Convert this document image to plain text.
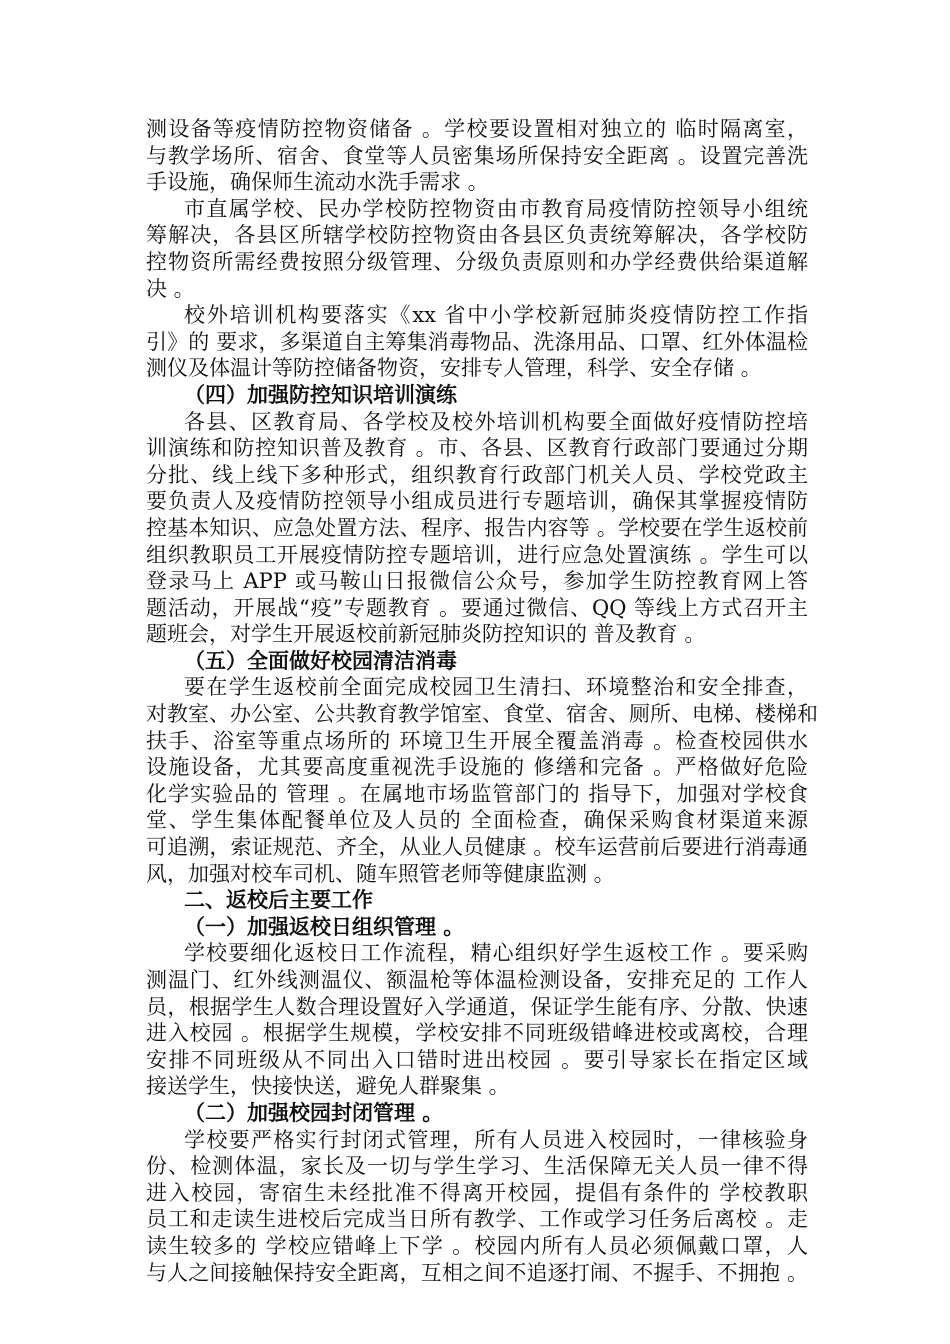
测设备等疫情防控物资储备 。学校要设置相对独立的 临时隔离室，
与教学场所、宿舍、食堂等人员密集场所保持安全距离 。设置完善洗
手设施，确保师生流动水洗手需求 。
市直属学校、民办学校防控物资由市教育局疫情防控领导小组统
筹解决，各县区所辖学校防控物资由各县区负责统筹解决，各学校防
控物资所需经费按照分级管理、分级负责原则和办学经费供给渠道解
决 。
校外培训机构要落实《xx 省中小学校新冠肺炎疫情防控工作指
引》的 要求，多渠道自主筹集消毒物品、洗涤用品、口罩、红外体温检
测仪及体温计等防控储备物资，安排专人管理，科学、安全存储 。
（四）加强防控知识培训演练
各县、区教育局、各学校及校外培训机构要全面做好疫情防控培
训演练和防控知识普及教育 。市、各县、区教育行政部门要通过分期
分批、线上线下多种形式，组织教育行政部门机关人员、学校党政主
要负责人及疫情防控领导小组成员进行专题培训，确保其掌握疫情防
控基本知识、应急处置方法、程序、报告内容等 。学校要在学生返校前
组织教职员工开展疫情防控专题培训，进行应急处置演练 。学生可以
登录马上 APP 或马鞍山日报微信公众号，参加学生防控教育网上答
题活动，开展战“疫”专题教育 。要通过微信、QQ 等线上方式召开主
题班会，对学生开展返校前新冠肺炎防控知识的 普及教育 。
（五）全面做好校园清洁消毒
要在学生返校前全面完成校园卫生清扫、环境整治和安全排查，
对教室、办公室、公共教育教学馆室、食堂、宿舍、厕所、电梯、楼梯和
扶手、浴室等重点场所的 环境卫生开展全覆盖消毒 。检查校园供水
设施设备，尤其要高度重视洗手设施的 修缮和完备 。严格做好危险
化学实验品的 管理 。在属地市场监管部门的 指导下，加强对学校食
堂、学生集体配餐单位及人员的 全面检查，确保采购食材渠道来源
可追溯，索证规范、齐全，从业人员健康 。校车运营前后要进行消毒通
风，加强对校车司机、随车照管老师等健康监测 。
二、返校后主要工作
（一）加强返校日组织管理 。
学校要细化返校日工作流程，精心组织好学生返校工作 。要采购
测温门、红外线测温仪、额温枪等体温检测设备，安排充足的 工作人
员，根据学生人数合理设置好入学通道，保证学生能有序、分散、快速
进入校园 。根据学生规模，学校安排不同班级错峰进校或离校，合理
安排不同班级从不同出入口错时进出校园 。要引导家长在指定区域
接送学生，快接快送，避免人群聚集 。
（二）加强校园封闭管理 。
学校要严格实行封闭式管理，所有人员进入校园时，一律核验身
份、检测体温，家长及一切与学生学习、生活保障无关人员一律不得
进入校园，寄宿生未经批准不得离开校园，提倡有条件的 学校教职
员工和走读生进校后完成当日所有教学、工作或学习任务后离校 。走
读生较多的 学校应错峰上下学 。校园内所有人员必须佩戴口罩，人
与人之间接触保持安全距离，互相之间不追逐打闹、不握手、不拥抱 。
